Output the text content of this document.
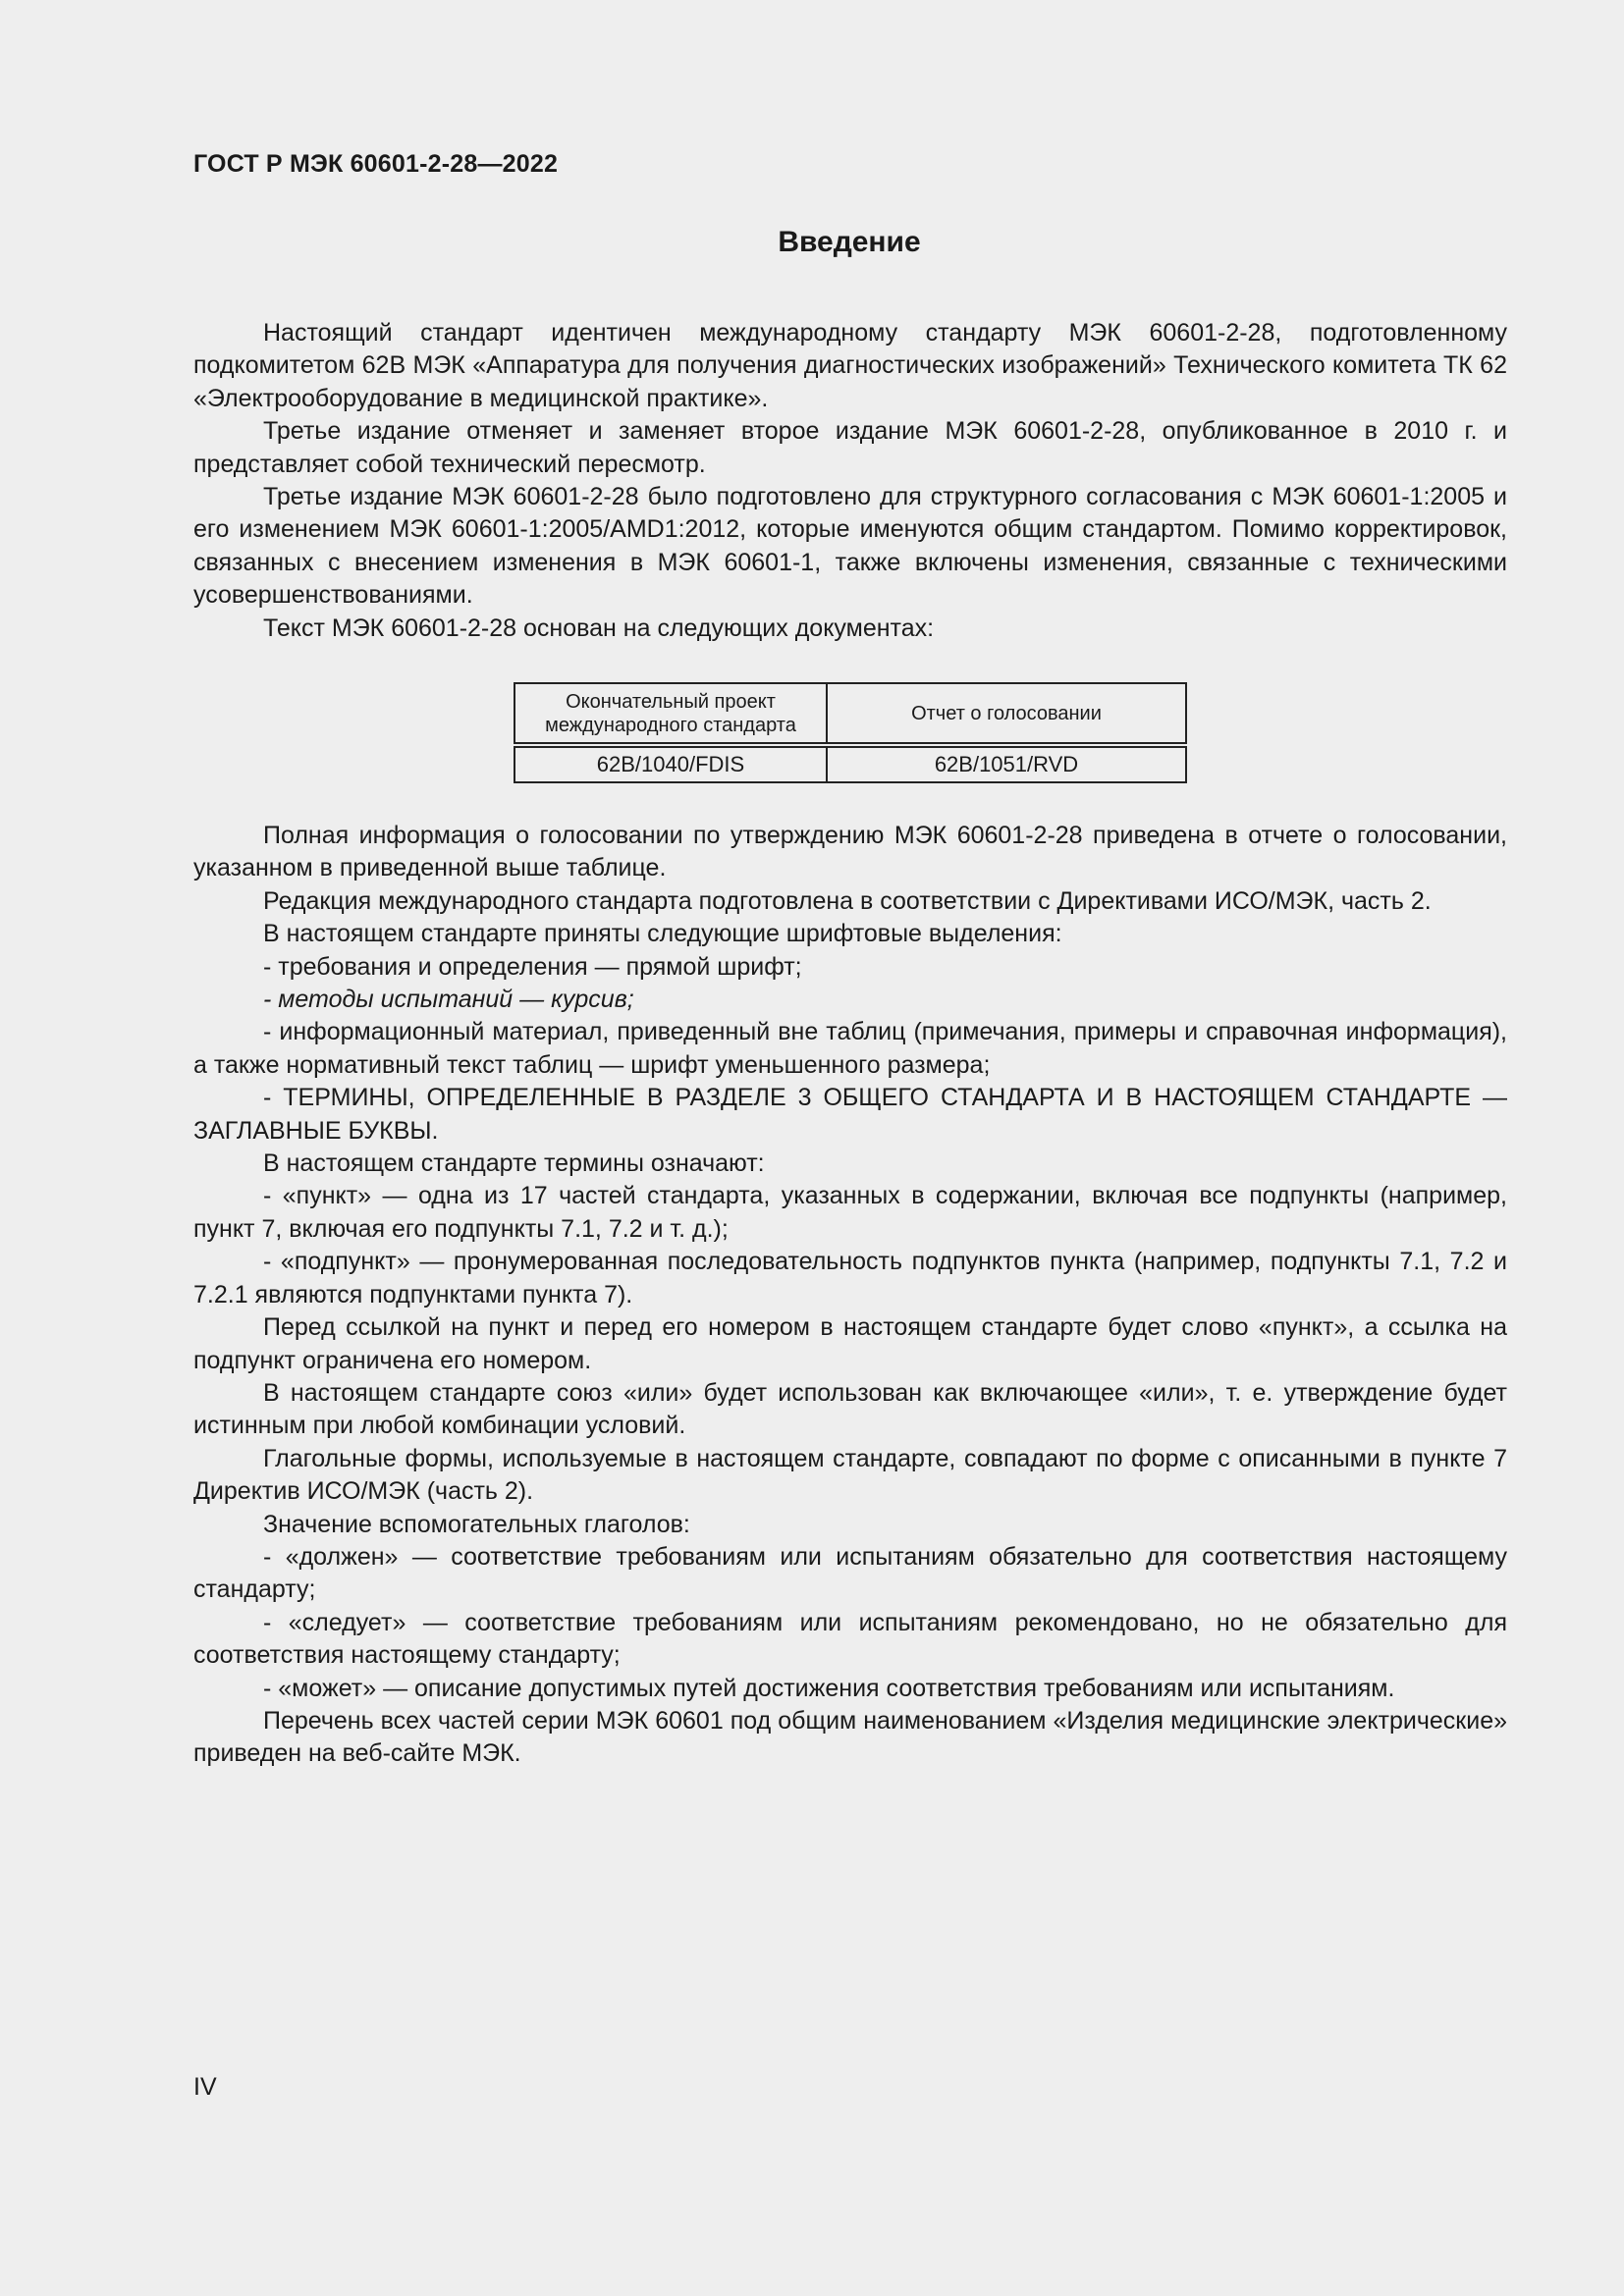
ГОСТ Р МЭК 60601-2-28—2022
Введение

Настоящий стандарт идентичен международному стандарту МЭК 60601-2-28, подготовленному подкомитетом 62В МЭК «Аппаратура для получения диагностических изображений» Технического комитета ТК 62 «Электрооборудование в медицинской практике».

Третье издание отменяет и заменяет второе издание МЭК 60601-2-28, опубликованное в 2010 г. и представляет собой технический пересмотр.

Третье издание МЭК 60601-2-28 было подготовлено для структурного согласования с МЭК 60601-1:2005 и его изменением МЭК 60601-1:2005/AMD1:2012, которые именуются общим стандартом. Помимо корректировок, связанных с внесением изменения в МЭК 60601-1, также включены изменения, связанные с техническими усовершенствованиями.

Текст МЭК 60601-2-28 основан на следующих документах:

Окончательный проект международного стандарта	Отчет о голосовании
62B/1040/FDIS	62B/1051/RVD

Полная информация о голосовании по утверждению МЭК 60601-2-28 приведена в отчете о голосовании, указанном в приведенной выше таблице.

Редакция международного стандарта подготовлена в соответствии с Директивами ИСО/МЭК, часть 2.

В настоящем стандарте приняты следующие шрифтовые выделения:

- требования и определения — прямой шрифт;

- методы испытаний — курсив;

- информационный материал, приведенный вне таблиц (примечания, примеры и справочная информация), а также нормативный текст таблиц — шрифт уменьшенного размера;

- ТЕРМИНЫ, ОПРЕДЕЛЕННЫЕ В РАЗДЕЛЕ 3 ОБЩЕГО СТАНДАРТА И В НАСТОЯЩЕМ СТАНДАРТЕ — ЗАГЛАВНЫЕ БУКВЫ.

В настоящем стандарте термины означают:

- «пункт» — одна из 17 частей стандарта, указанных в содержании, включая все подпункты (например, пункт 7, включая его подпункты 7.1, 7.2 и т. д.);

- «подпункт» — пронумерованная последовательность подпунктов пункта (например, подпункты 7.1, 7.2 и 7.2.1 являются подпунктами пункта 7).

Перед ссылкой на пункт и перед его номером в настоящем стандарте будет слово «пункт», а ссылка на подпункт ограничена его номером.

В настоящем стандарте союз «или» будет использован как включающее «или», т. е. утверждение будет истинным при любой комбинации условий.

Глагольные формы, используемые в настоящем стандарте, совпадают по форме с описанными в пункте 7 Директив ИСО/МЭК (часть 2).

Значение вспомогательных глаголов:

- «должен» — соответствие требованиям или испытаниям обязательно для соответствия настоящему стандарту;

- «следует» — соответствие требованиям или испытаниям рекомендовано, но не обязательно для соответствия настоящему стандарту;

- «может» — описание допустимых путей достижения соответствия требованиям или испытаниям.

Перечень всех частей серии МЭК 60601 под общим наименованием «Изделия медицинские электрические» приведен на веб-сайте МЭК.

IV
